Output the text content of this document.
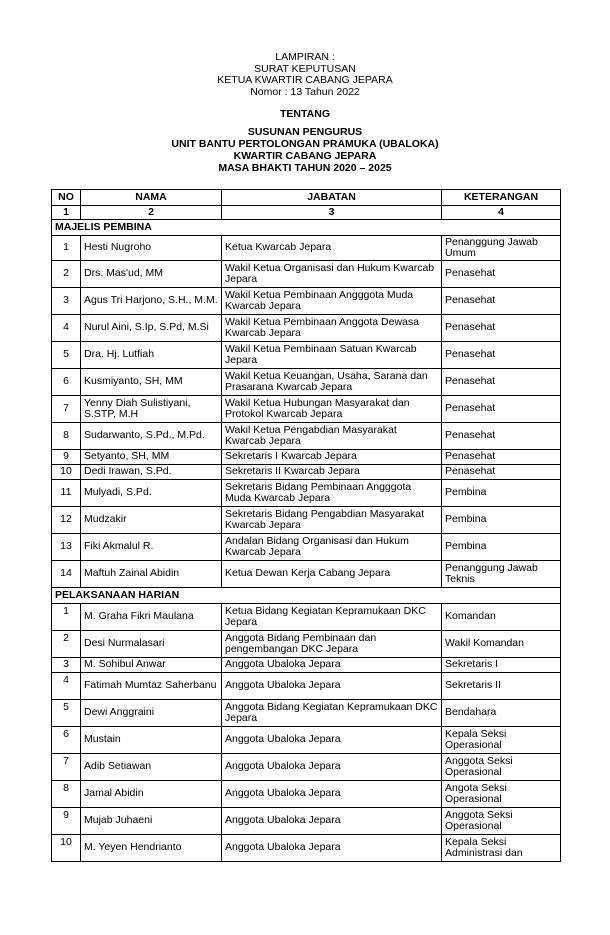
LAMPIRAN :
SURAT KEPUTUSAN
KETUA KWARTIR CABANG JEPARA
Nomor : 13 Tahun 2022
TENTANG
SUSUNAN PENGURUS
UNIT BANTU PERTOLONGAN PRAMUKA (UBALOKA)
KWARTIR CABANG JEPARA
MASA BHAKTI TAHUN 2020 – 2025
NO	NAMA	JABATAN	KETERANGAN
1	2	3	4
MAJELIS PEMBINA			
1	Hesti Nugroho	Ketua Kwarcab Jepara	Penanggung Jawab Umum
2	Drs. Mas'ud, MM	Wakil Ketua Organisasi dan Hukum Kwarcab Jepara	Penasehat
3	Agus Tri Harjono, S.H., M.M.	Wakil Ketua Pembinaan Angggota Muda Kwarcab Jepara	Penasehat
4	Nurul Aini, S.Ip, S.Pd, M.Si	Wakil Ketua Pembinaan Anggota Dewasa Kwarcab Jepara	Penasehat
5	Dra. Hj. Lutfiah	Wakil Ketua Pembinaan Satuan Kwarcab Jepara	Penasehat
6	Kusmiyanto, SH, MM	Wakil Ketua Keuangan, Usaha, Sarana dan Prasarana Kwarcab Jepara	Penasehat
7	Yenny Diah Sulistiyani, S.STP, M.H	Wakil Ketua Hubungan Masyarakat dan Protokol Kwarcab Jepara	Penasehat
8	Sudarwanto, S.Pd., M.Pd.	Wakil Ketua Pengabdian Masyarakat Kwarcab Jepara	Penasehat
9	Setyanto, SH, MM	Sekretaris I Kwarcab Jepara	Penasehat
10	Dedi Irawan, S.Pd.	Sekretaris II Kwarcab Jepara	Penasehat
11	Mulyadi, S.Pd.	Sekretaris Bidang Pembinaan Angggota Muda Kwarcab Jepara	Pembina
12	Mudzakir	Sekretaris Bidang Pengabdian Masyarakat Kwarcab Jepara	Pembina
13	Fiki Akmalul R.	Andalan Bidang Organisasi dan Hukum Kwarcab Jepara	Pembina
14	Maftuh Zainal Abidin	Ketua Dewan Kerja Cabang Jepara	Penanggung Jawab Teknis
PELAKSANAAN HARIAN			
1	M. Graha Fikri Maulana	Ketua Bidang Kegiatan Kepramukaan DKC Jepara	Komandan
2	Desi Nurmalasari	Anggota Bidang Pembinaan dan pengembangan DKC Jepara	Wakil Komandan
3	M. Sohibul Anwar	Anggota Ubaloka Jepara	Sekretaris I
4	Fatimah Mumtaz Saherbanu	Anggota Ubaloka Jepara	Sekretaris II
5	Dewi Anggraini	Anggota Bidang Kegiatan Kepramukaan DKC Jepara	Bendahara
6	Mustain	Anggota Ubaloka Jepara	Kepala Seksi Operasional
7	Adib Setiawan	Anggota Ubaloka Jepara	Anggota Seksi Operasional
8	Jamal Abidin	Anggota Ubaloka Jepara	Angota Seksi Operasional
9	Mujab Juhaeni	Anggota Ubaloka Jepara	Anggota Seksi Operasional
10	M. Yeyen Hendrianto	Anggota Ubaloka Jepara	Kepala Seksi Administrasi dan
